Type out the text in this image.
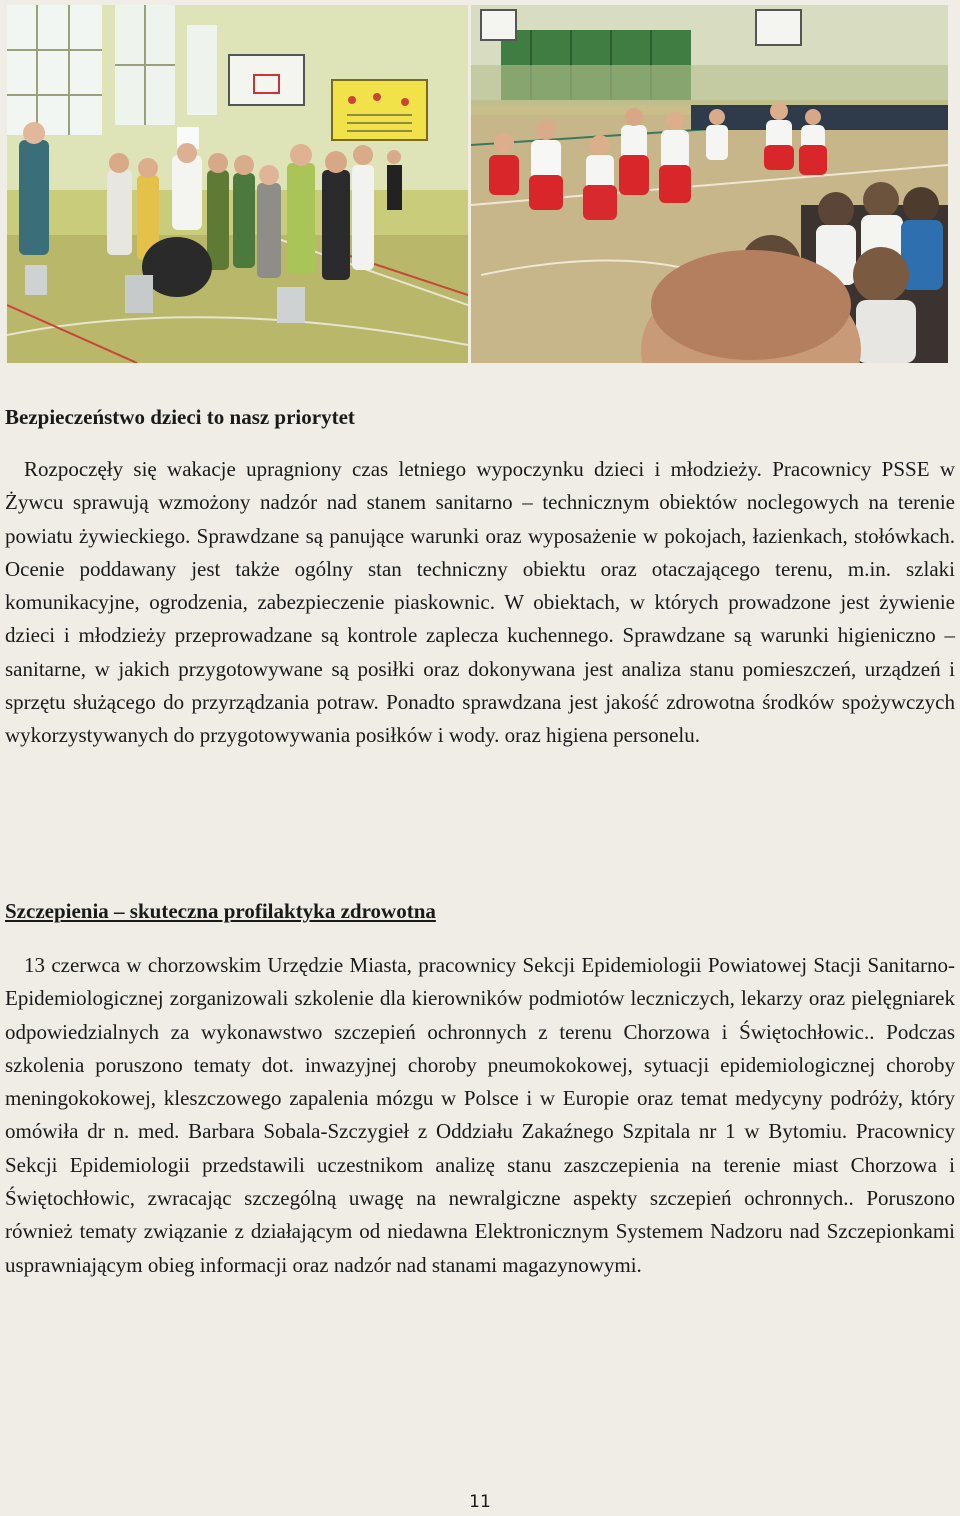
Bezpieczeństwo dzieci to nasz priorytet

Rozpoczęły się wakacje upragniony czas letniego wypoczynku dzieci i młodzieży. Pracownicy PSSE w Żywcu sprawują wzmożony nadzór nad stanem sanitarno – technicznym obiektów noclegowych na terenie powiatu żywieckiego. Sprawdzane są panujące warunki oraz wyposażenie w pokojach, łazienkach, stołówkach. Ocenie poddawany jest także ogólny stan techniczny obiektu oraz otaczającego terenu, m.in. szlaki komunikacyjne, ogrodzenia, zabezpieczenie piaskownic. W obiektach, w których prowadzone jest żywienie dzieci i młodzieży przeprowadzane są kontrole zaplecza kuchennego. Sprawdzane są warunki higieniczno – sanitarne, w jakich przygotowywane są posiłki oraz dokonywana jest analiza stanu pomieszczeń, urządzeń i sprzętu służącego do przyrządzania potraw. Ponadto sprawdzana jest jakość zdrowotna środków spożywczych wykorzystywanych do przygotowywania posiłków i wody. oraz higiena personelu.

Szczepienia – skuteczna profilaktyka zdrowotna

13 czerwca w chorzowskim Urzędzie Miasta, pracownicy Sekcji Epidemiologii Powiatowej Stacji Sanitarno-Epidemiologicznej zorganizowali szkolenie dla kierowników podmiotów leczniczych, lekarzy oraz pielęgniarek odpowiedzialnych za wykonawstwo szczepień ochronnych z terenu Chorzowa i Świętochłowic.. Podczas szkolenia poruszono tematy dot. inwazyjnej choroby pneumokokowej, sytuacji epidemiologicznej choroby meningokokowej, kleszczowego zapalenia mózgu w Polsce i w Europie oraz temat medycyny podróży, który omówiła dr n. med. Barbara Sobala-Szczygieł z Oddziału Zakaźnego Szpitala nr 1 w Bytomiu. Pracownicy Sekcji Epidemiologii przedstawili uczestnikom analizę stanu zaszczepienia na terenie miast Chorzowa i Świętochłowic, zwracając szczególną uwagę na newralgiczne aspekty szczepień ochronnych.. Poruszono również tematy związanie z działającym od niedawna Elektronicznym Systemem Nadzoru nad Szczepionkami usprawniającym obieg informacji oraz nadzór nad stanami magazynowymi.

11
